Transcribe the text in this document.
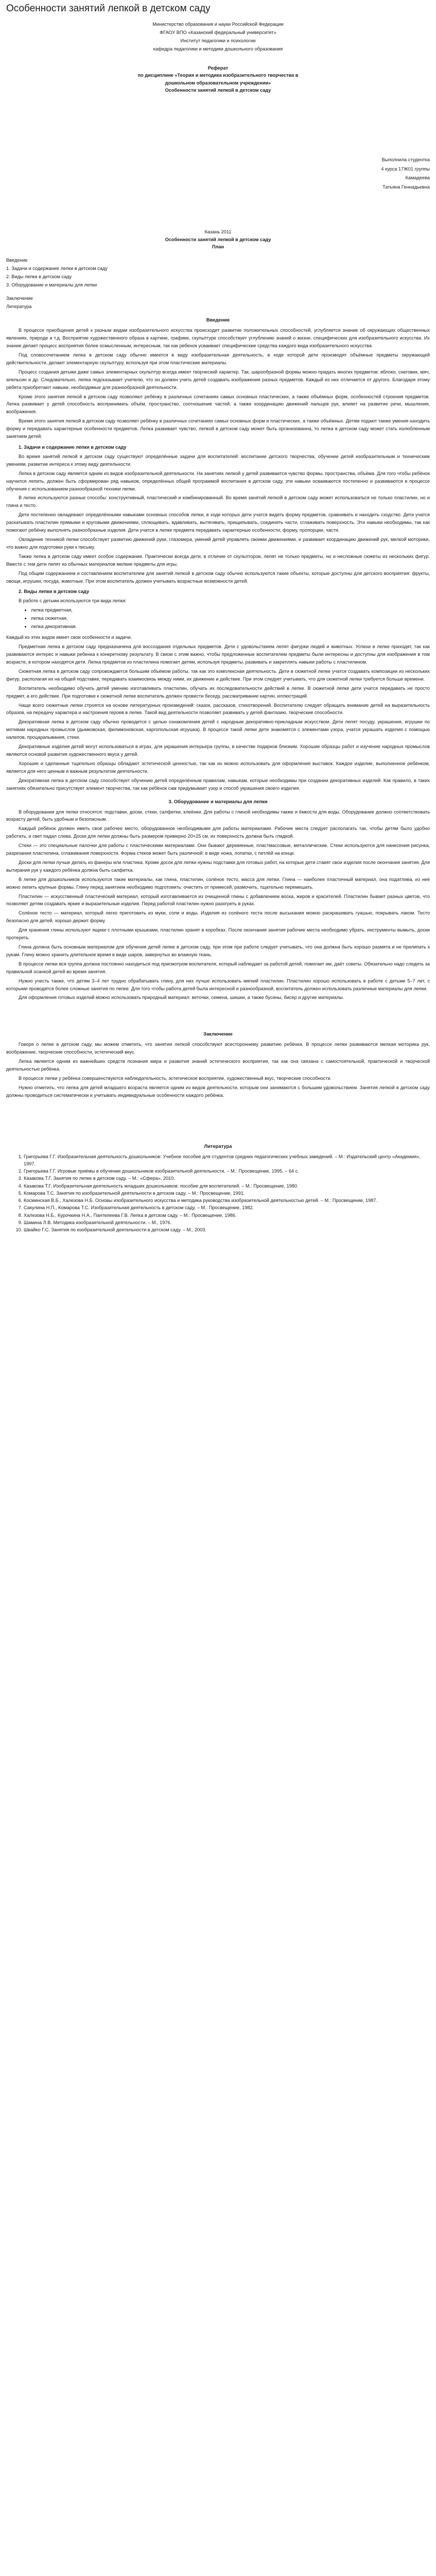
Особенности занятий лепкой в детском саду
Министерство образования и науки Российской Федерации
ФГАОУ ВПО «Казанский федеральный университет»
Институт педагогики и психологии
кафедра педагогики и методики дошкольного образования
Реферат
по дисциплине «Теория и методика изобразительного творчества в
дошкольном образовательном учреждении»
Особенности занятий лепкой в детском саду
Выполнила студентка
4 курса 17Ж01 группы
Камадеева
Татьяна Геннадьевна
Казань 2011
Особенности занятий лепкой в детском саду
План
Введение
1. Задачи и содержание лепки в детском саду
2. Виды лепки в детском саду
3. Оборудование и материалы для лепки
Заключение
Литература
Введение

В процессе приобщения детей к разным видам изобразительного искусства происходит развитие положительных способностей, углубляется знание об окружающих общественных явлениях, природе и т.д. Восприятие художественного образа в картине, графике, скульптуре способствует углублению знаний о жизни, специфических для изобразительного искусства. Их знание делает процесс восприятия более осмысленным, интересным, так как ребенок усваивает специфические средства каждого вида изобразительного искусства.

Под словосочетанием лепка в детском саду обычно имеется в виду изобразительная деятельность, в ходе которой дети производят объёмные предметы окружающей действительности, делают элементарную скульптуру, используя при этом пластические материалы.

Процесс создания детьми даже самых элементарных скульптур всегда имеет творческий характер. Так, шарообразной формы можно придать многих предметов: яблоко, снеговик, мяч, апельсин и др. Следовательно, лепка подсказывает учителю, что он должен учить детей создавать изображения разных предметов. Каждый из них отличается от другого. Благодаря этому ребята приобретают навыки, необходимые для разнообразной деятельности.

Кроме этого занятия лепкой в детском саду позволяют ребёнку в различных сочетаниях самых основных пластических, а также объёмных форм, особенностей строения предметов. Лепка развивает у детей способность воспринимать объём, пространство, соотношение частей, а также координацию движений пальцев рук, влияет на развитие речи, мышления, воображения.

Время этого занятия лепкой в детском саду позволяет ребёнку в различных сочетаниях самых основных форм и пластических, а также объёмных. Детям подают также умения находить форму и передавать характерные особенности предметов. Лепка развивает чувство, лепкой в детском саду может быть организованна, то лепка в детском саду может стать излюбленным занятием детей.

1. Задачи и содержание лепки в детском саду

Во время занятий лепкой в детском саду существуют определённые задачи для воспитателей: воспитание детского творчества, обучение детей изобразительным и техническим умениям, развитие интереса к этому виду деятельности.

Лепка в детском саду является одним из видов изобразительной деятельности. На занятиях лепкой у детей развивается чувство формы, пространства, объёма. Для того чтобы ребёнок научился лепить, должен быть сформирован ряд навыков, определённых общей программой воспитания в детском саду, эти навыки осваиваются постепенно и развиваются в процессе обучения с использованием разнообразной техники лепки.

В лепке используются разные способы: конструктивный, пластический и комбинированный. Во время занятий лепкой в детском саду может использоваться не только пластилин, но и глина и тесто.

Дети постепенно овладевают определёнными навыками основных способов лепки, в ходе которых дети учатся видеть форму предметов, сравнивать и находить сходство. Дети учатся раскатывать пластилин прямыми и круговыми движениями, сплющивать, вдавливать, вытягивать, прищипывать, соединять части, сглаживать поверхность. Эти навыки необходимы, так как помогают ребёнку выполнять разнообразные изделия. Дети учатся в лепке предмета передавать характерные особенности, форму, пропорции, части.

Овладение техникой лепки способствует развитию движений руки, глазомера, умений детей управлять своими движениями, и развивает координацию движений рук, мелкой моторики, что важно для подготовки руки к письму.

Также лепка в детском саду имеет особое содержание. Практически всегда дети, в отличие от скульпторов, лепят не только предметы, но и несложные сюжеты из нескольких фигур. Вместе с тем дети лепят из обычных материалов мелкие предметы для игры.

Под общим содержанием и составлением воспитателем для занятий лепкой в детском саду обычно используются такие объекты, которые доступны для детского восприятия: фрукты, овощи, игрушки, посуда, животные. При этом воспитатель должен учитывать возрастные возможности детей.

2. Виды лепки в детском саду

В работе с детьми используются три вида лепки:

• лепка предметная,
• лепка сюжетная,
• лепка декоративная.

Каждый из этих видов имеет свои особенности и задачи.

Предметная лепка в детском саду предназначена для воссоздания отдельных предметов. Дети с удовольствием лепят фигурки людей и животных. Успехи в лепке приходят, так как развиваются интерес и навыки ребенка к конкретному результату. В связи с этим важно, чтобы предложенные воспитателем предметы были интересны и доступны для изображения в том возрасте, в котором находятся дети. Лепка предметов из пластилина помогает детям, используя предметы, развивать и закреплять навыки работы с пластилином.

Сюжетная лепка в детском саду сопровождается большим объёмом работы, так как это комплексная деятельность. Дети в сюжетной лепке учатся создавать композиции из нескольких фигур, располагая их на общей подставке, передавать взаимосвязь между ними, их движение и действие. При этом следует учитывать, что для сюжетной лепки требуется больше времени.

Воспитатель необходимо обучать детей умению изготавливать пластилин, обучать их последовательности действий в лепке. В сюжетной лепке дети учатся передавать не просто предмет, а его действие. При подготовке к сюжетной лепке воспитатель должен провести беседу, рассматривание картин, иллюстраций.

Чаще всего сюжетные лепки строятся на основе литературных произведений: сказок, рассказов, стихотворений. Воспитателю следует обращать внимание детей на выразительность образов, на передачу характера и настроения героев в лепке. Такой вид деятельности позволяет развивать у детей фантазию, творческие способности.

Декоративная лепка в детском саду обычно проводится с целью ознакомления детей с народным декоративно-прикладным искусством. Дети лепят посуду, украшения, игрушки по мотивам народных промыслов (дымковская, филимоновская, каргопольская игрушка). В процессе такой лепки дети знакомятся с элементами узора, учатся украшать изделия с помощью налепов, процарапывания, стеки.

Декоративные изделия детей могут использоваться в играх, для украшения интерьера группы, в качестве подарков близким. Хорошие образцы работ и изучение народных промыслов являются основой развития художественного вкуса у детей.

Хорошие и сделанные тщательно образцы обладают эстетической ценностью, так как их можно использовать для оформления выставок. Каждое изделие, выполненное ребёнком, является для него ценным и важным результатом деятельности.

Декоративная лепка в детском саду способствует обучению детей определённым правилам, навыкам, которые необходимы при создании декоративных изделий. Как правило, в таких занятиях обязательно присутствует элемент творчества, так как ребёнок сам придумывает узор и способ украшения своего изделия.

3. Оборудование и материалы для лепки

В оборудовании для лепки относятся: подставки, доски, стеки, салфетки, клеёнки. Для работы с глиной необходимы также и ёмкости для воды. Оборудование должно соответствовать возрасту детей, быть удобным и безопасным.

Каждый ребёнок должен иметь своё рабочее место, оборудованное необходимыми для работы материалами. Рабочие места следует располагать так, чтобы детям было удобно работать, и свет падал слева. Доски для лепки должны быть размером примерно 20×25 см, их поверхность должна быть гладкой.

Стеки — это специальные палочки для работы с пластическими материалами. Они бывают деревянные, пластмассовые, металлические. Стеки используются для нанесения рисунка, разрезания пластилина, сглаживания поверхности. Форма стеков может быть различной: в виде ножа, лопатки, с петлёй на конце.

Доски для лепки лучше делать из фанеры или пластика. Кроме досок для лепки нужны подставки для готовых работ, на которые дети ставят свои изделия после окончания занятия. Для вытирания рук у каждого ребёнка должна быть салфетка.

В лепке для дошкольников используются такие материалы, как глина, пластилин, солёное тесто, масса для лепки. Глина — наиболее пластичный материал, она податлива, из неё можно лепить крупные формы. Глину перед занятием необходимо подготовить: очистить от примесей, размочить, тщательно перемешать.

Пластилин — искусственный пластический материал, который изготавливается из очищенной глины с добавлением воска, жиров и красителей. Пластилин бывает разных цветов, что позволяет детям создавать яркие и выразительные изделия. Перед работой пластилин нужно разогреть в руках.

Солёное тесто — материал, который легко приготовить из муки, соли и воды. Изделия из солёного теста после высыхания можно раскрашивать гуашью, покрывать лаком. Тесто безопасно для детей, хорошо держит форму.

Для хранения глины используют ящики с плотными крышками, пластилин хранят в коробках. После окончания занятия рабочие места необходимо убрать, инструменты вымыть, доски протереть.

Глина должна быть основным материалом для обучения детей лепке в детском саду, при этом при работе следует учитывать, что она должна быть хорошо размята и не прилипать к рукам. Глину можно хранить длительное время в виде шаров, завернутых во влажную ткань.

В процессе лепки вся группа должна постоянно находиться под присмотром воспитателя, который наблюдает за работой детей, помогает им, даёт советы. Обязательно надо следить за правильной осанкой детей во время занятия.

Нужно учесть также, что детям 3–4 лет трудно обрабатывать глину, для них лучше использовать мягкий пластилин. Пластилин хорошо использовать в работе с детьми 5–7 лет, с которыми проводятся более сложные занятия по лепке. Для того чтобы работа детей была интересной и разнообразной, воспитатель должен использовать различные материалы для лепки.

Для оформления готовых изделий можно использовать природный материал: веточки, семена, шишки, а также бусины, бисер и другие материалы.

Заключение

Говоря о лепке в детском саду, мы можем отметить, что занятия лепкой способствуют всестороннему развитию ребёнка. В процессе лепки развиваются мелкая моторика рук, воображение, творческие способности, эстетический вкус.

Лепка является одним из важнейших средств познания мира и развития знаний эстетического восприятия, так как она связана с самостоятельной, практической и творческой деятельностью ребёнка.

В процессе лепки у ребёнка совершенствуются наблюдательность, эстетическое восприятие, художественный вкус, творческие способности.

Нужно отметить, что лепка для детей младшего возраста является одним из видов деятельности, которым они занимаются с большим удовольствием. Занятия лепкой в детском саду должны проводиться систематически и учитывать индивидуальные особенности каждого ребёнка.

Литература
1. Григорьева Г.Г. Изобразительная деятельность дошкольников: Учебное пособие для студентов средних педагогических учебных заведений. – М.: Издательский центр «Академия», 1997.
2. Григорьева Г.Г. Игровые приёмы в обучении дошкольников изобразительной деятельности. – М.: Просвещение, 1995. – 64 с.
3. Казакова Т.Г. Занятия по лепке в детском саду. – М.: «Сфера», 2010.
4. Казакова Т.Г. Изобразительная деятельность младших дошкольников: пособие для воспитателей. – М.: Просвещение, 1980.
5. Комарова Т.С. Занятия по изобразительной деятельности в детском саду. – М.: Просвещение, 1991.
6. Косминская В.Б., Халезова Н.Б. Основы изобразительного искусства и методика руководства изобразительной деятельностью детей. – М.: Просвещение, 1987.
7. Сакулина Н.П., Комарова Т.С. Изобразительная деятельность в детском саду. – М.: Просвещение, 1982.
8. Халезова Н.Б., Курочкина Н.А., Пантелеева Г.В. Лепка в детском саду. – М.: Просвещение, 1986.
9. Шамина Л.В. Методика изобразительной деятельности. – М., 1976.
10. Швайко Г.С. Занятия по изобразительной деятельности в детском саду. – М., 2003.
